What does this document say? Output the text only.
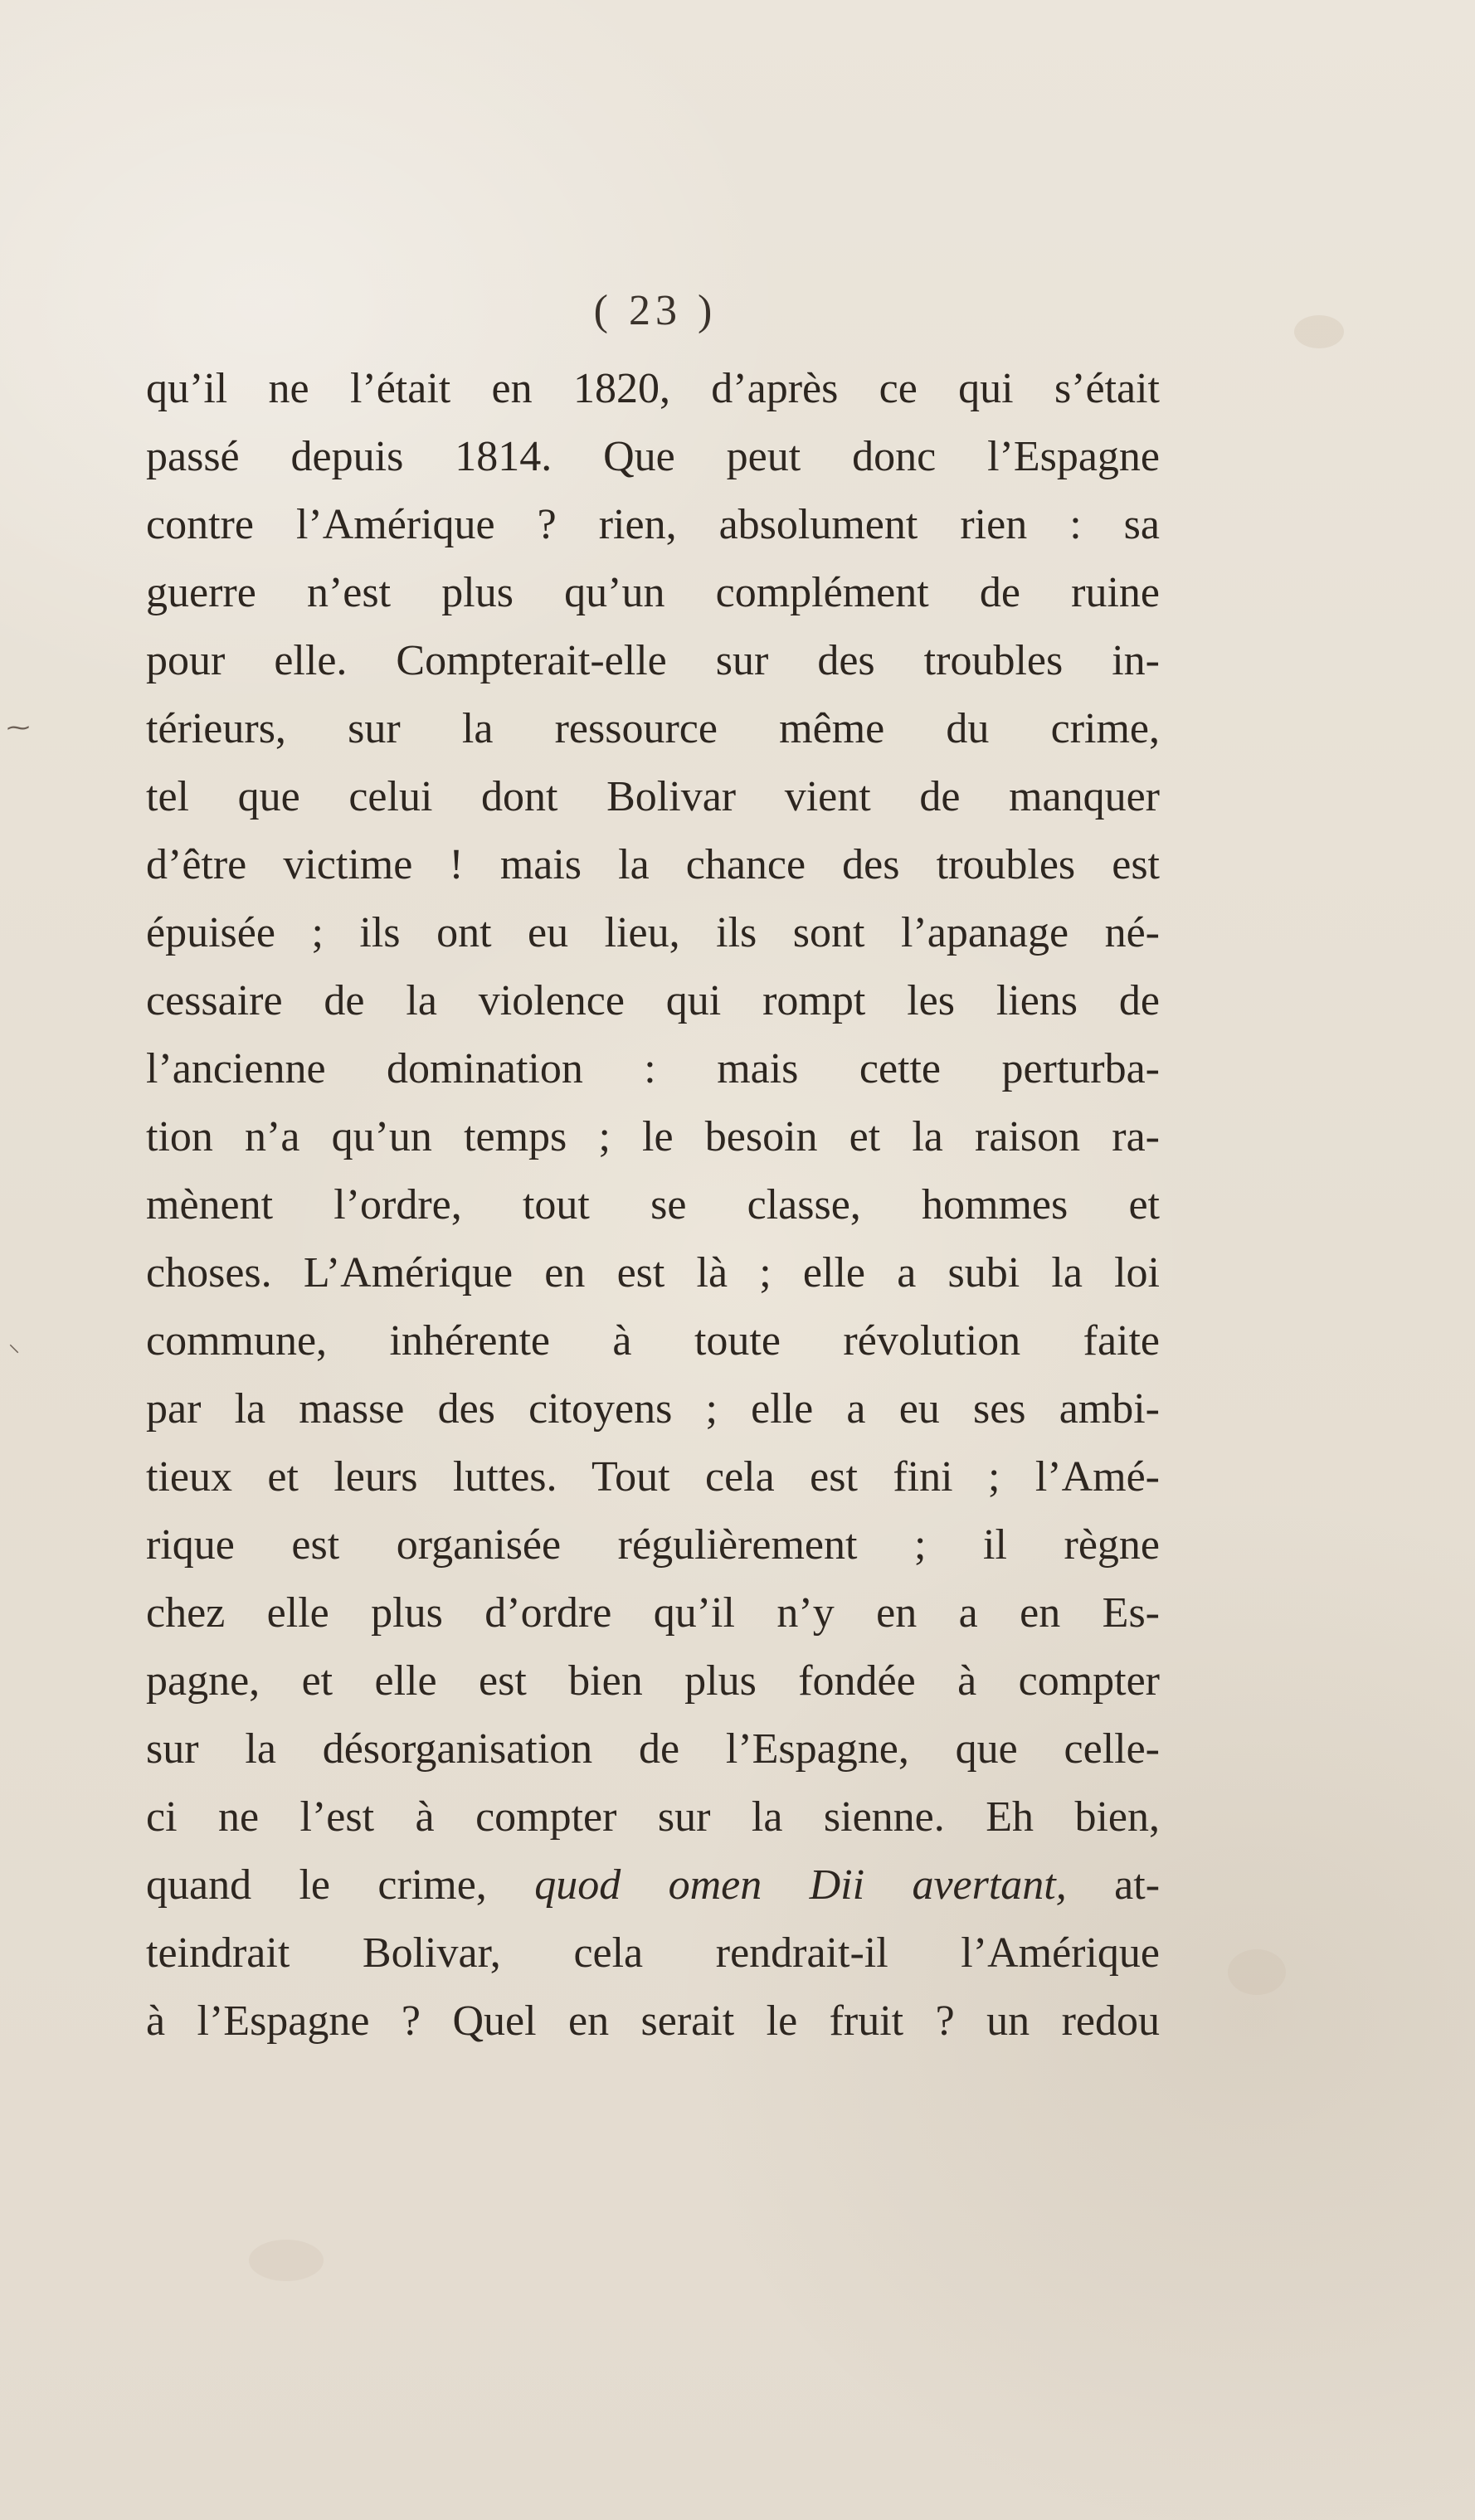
⁓
⸜
( 23 )
qu’il ne l’était en 1820, d’après ce qui s’était
passé depuis 1814. Que peut donc l’Espagne
contre l’Amérique ? rien, absolument rien : sa
guerre n’est plus qu’un complément de ruine
pour elle. Compterait-elle sur des troubles in-
térieurs, sur la ressource même du crime,
tel que celui dont Bolivar vient de manquer
d’être victime ! mais la chance des troubles est
épuisée ; ils ont eu lieu, ils sont l’apanage né-
cessaire de la violence qui rompt les liens de
l’ancienne domination : mais cette perturba-
tion n’a qu’un temps ; le besoin et la raison ra-
mènent l’ordre, tout se classe, hommes et
choses. L’Amérique en est là ; elle a subi la loi
commune, inhérente à toute révolution faite
par la masse des citoyens ; elle a eu ses ambi-
tieux et leurs luttes. Tout cela est fini ; l’Amé-
rique est organisée régulièrement ; il règne
chez elle plus d’ordre qu’il n’y en a en Es-
pagne, et elle est bien plus fondée à compter
sur la désorganisation de l’Espagne, que celle-
ci ne l’est à compter sur la sienne. Eh bien,
quand le crime, quod omen Dii avertant, at-
teindrait Bolivar, cela rendrait-il l’Amérique
à l’Espagne ? Quel en serait le fruit ? un redou
